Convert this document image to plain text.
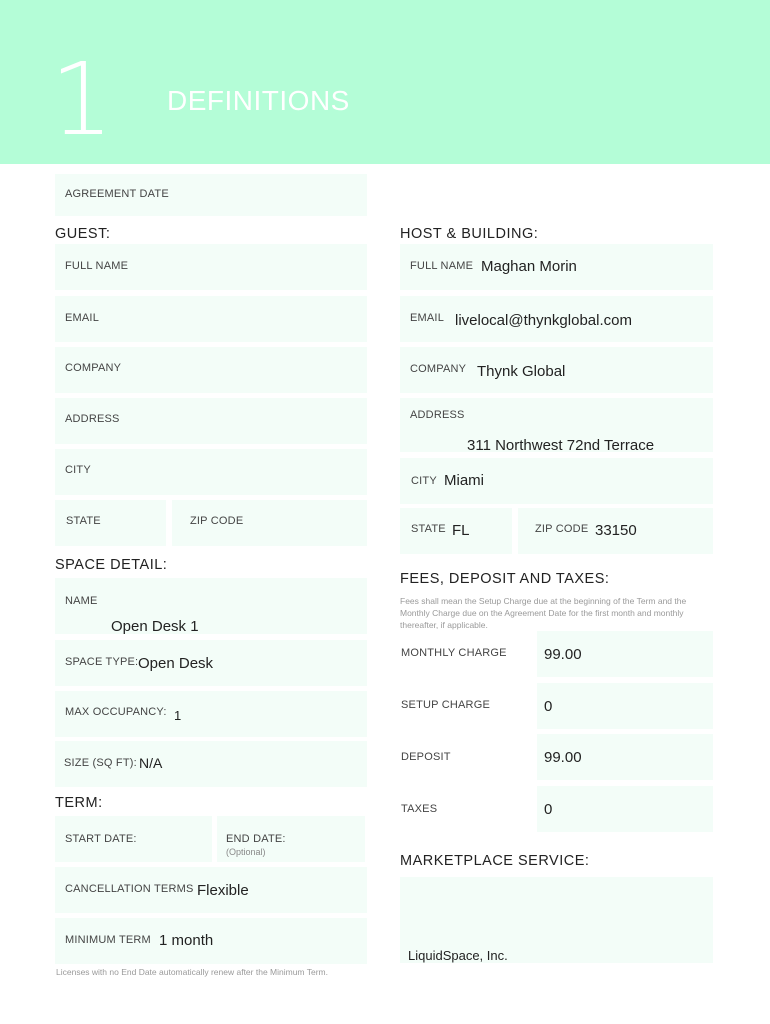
1 DEFINITIONS
AGREEMENT DATE
GUEST:
FULL NAME
EMAIL
COMPANY
ADDRESS
CITY
STATE	ZIP CODE
SPACE DETAIL:
NAME
Open Desk 1
SPACE TYPE: Open Desk
MAX OCCUPANCY: 1
SIZE (SQ FT): N/A
TERM:
START DATE:	END DATE:
(Optional)
CANCELLATION TERMS Flexible
MINIMUM TERM 1 month
Licenses with no End Date automatically renew after the Minimum Term.
HOST & BUILDING:
FULL NAME Maghan Morin
EMAIL livelocal@thynkglobal.com
COMPANY Thynk Global
ADDRESS
311 Northwest 72nd Terrace
CITY Miami
STATE FL	ZIP CODE 33150
FEES, DEPOSIT AND TAXES:
Fees shall mean the Setup Charge due at the beginning of the Term and the Monthly Charge due on the Agreement Date for the first month and monthly thereafter, if applicable.
MONTHLY CHARGE 99.00
SETUP CHARGE	0
DEPOSIT	99.00
TAXES	0
MARKETPLACE SERVICE:
LiquidSpace, Inc.
